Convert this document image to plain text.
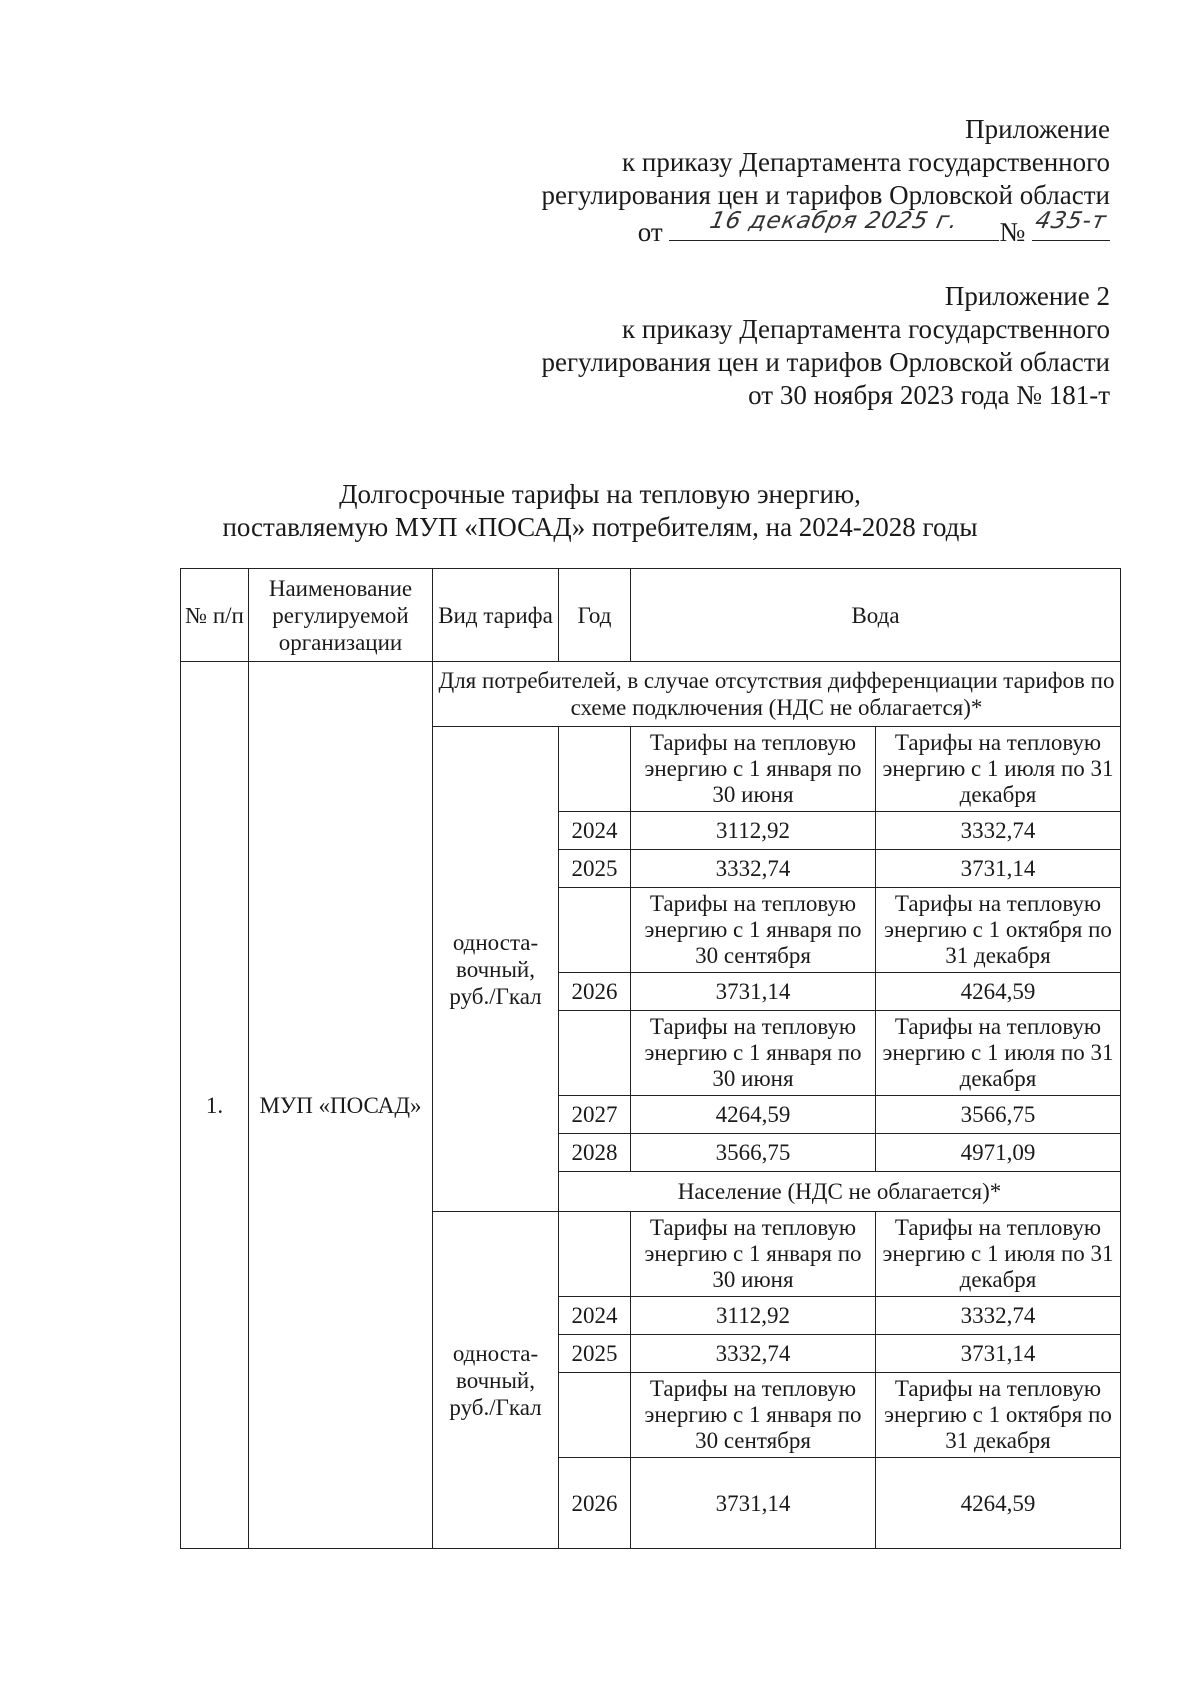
Приложение
к приказу Департамента государственного
регулирования цен и тарифов Орловской области
от	16 декабря 2025 г.	№ 435-т
Приложение 2
к приказу Департамента государственного
регулирования цен и тарифов Орловской области
от 30 ноября 2023 года № 181-т
Долгосрочные тарифы на тепловую энергию,
поставляемую МУП «ПОСАД» потребителям, на 2024-2028 годы
№ п/п	Наименование регулируемой организации	Вид тарифа	Год	Вода	
1.	МУП «ПОСАД»	Для потребителей, в случае отсутствия дифференциации тарифов по схеме подключения (НДС не облагается)*			
		односта-вочный, руб./Гкал		Тарифы на тепловую энергию с 1 января по 30 июня	Тарифы на тепловую энергию с 1 июля по 31 декабря
			2024	3112,92	3332,74
			2025	3332,74	3731,14
				Тарифы на тепловую энергию с 1 января по 30 сентября	Тарифы на тепловую энергию с 1 октября по 31 декабря
			2026	3731,14	4264,59
				Тарифы на тепловую энергию с 1 января по 30 июня	Тарифы на тепловую энергию с 1 июля по 31 декабря
			2027	4264,59	3566,75
			2028	3566,75	4971,09
			Население (НДС не облагается)*		
		односта-вочный, руб./Гкал		Тарифы на тепловую энергию с 1 января по 30 июня	Тарифы на тепловую энергию с 1 июля по 31 декабря
			2024	3112,92	3332,74
			2025	3332,74	3731,14
				Тарифы на тепловую энергию с 1 января по 30 сентября	Тарифы на тепловую энергию с 1 октября по 31 декабря
			2026	3731,14	4264,59
